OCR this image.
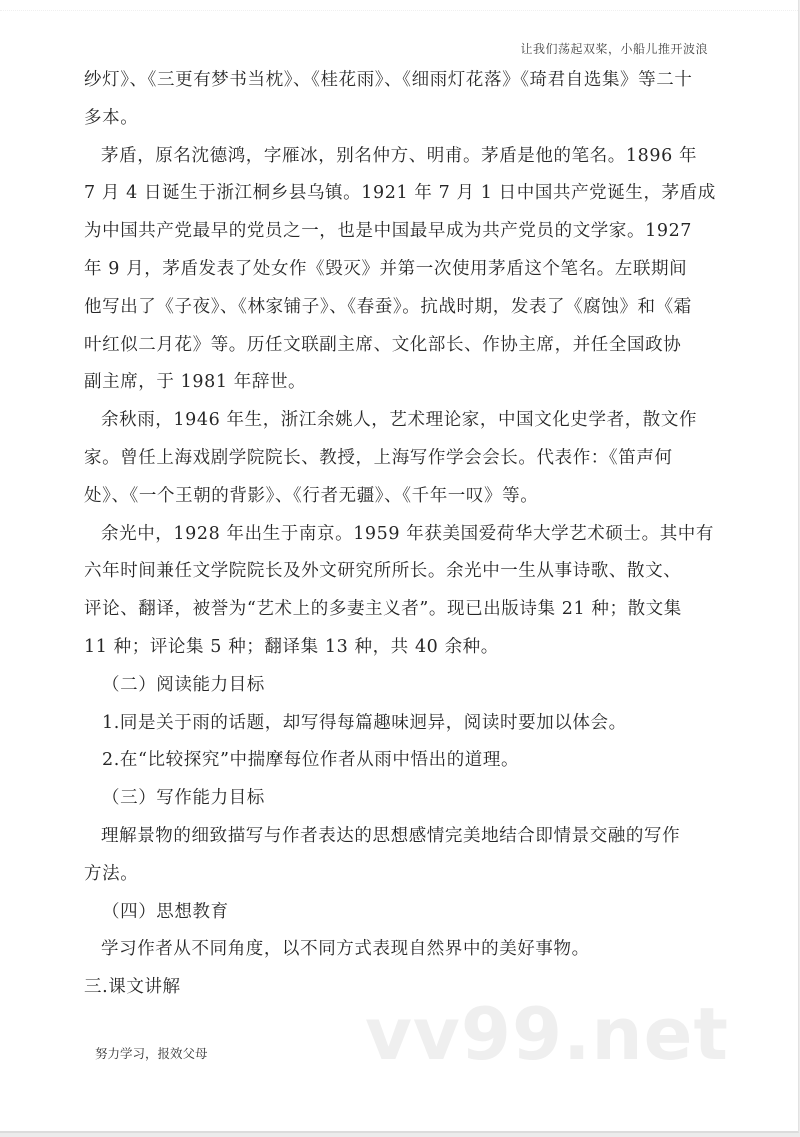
让我们荡起双桨，小船儿推开波浪
纱灯》、《三更有梦书当枕》、《桂花雨》、《细雨灯花落》《琦君自选集》等二十
多本。
茅盾，原名沈德鸿，字雁冰，别名仲方、明甫。茅盾是他的笔名。1896 年
7 月 4 日诞生于浙江桐乡县乌镇。1921 年 7 月 1 日中国共产党诞生，茅盾成
为中国共产党最早的党员之一，也是中国最早成为共产党员的文学家。1927
年 9 月，茅盾发表了处女作《毁灭》并第一次使用茅盾这个笔名。左联期间
他写出了《子夜》、《林家铺子》、《春蚕》。抗战时期，发表了《腐蚀》和《霜
叶红似二月花》等。历任文联副主席、文化部长、作协主席，并任全国政协
副主席，于 1981 年辞世。
余秋雨，1946 年生，浙江余姚人，艺术理论家，中国文化史学者，散文作
家。曾任上海戏剧学院院长、教授，上海写作学会会长。代表作：《笛声何
处》、《一个王朝的背影》、《行者无疆》、《千年一叹》等。
余光中，1928 年出生于南京。1959 年获美国爱荷华大学艺术硕士。其中有
六年时间兼任文学院院长及外文研究所所长。余光中一生从事诗歌、散文、
评论、翻译，被誉为“艺术上的多妻主义者”。现已出版诗集 21 种；散文集
11 种；评论集 5 种；翻译集 13 种，共 40 余种。
（二）阅读能力目标
1.同是关于雨的话题，却写得每篇趣味迥异，阅读时要加以体会。
2.在“比较探究”中揣摩每位作者从雨中悟出的道理。
（三）写作能力目标
理解景物的细致描写与作者表达的思想感情完美地结合即情景交融的写作
方法。
（四）思想教育
学习作者从不同角度，以不同方式表现自然界中的美好事物。
三.课文讲解
努力学习，报效父母 vv99.net
